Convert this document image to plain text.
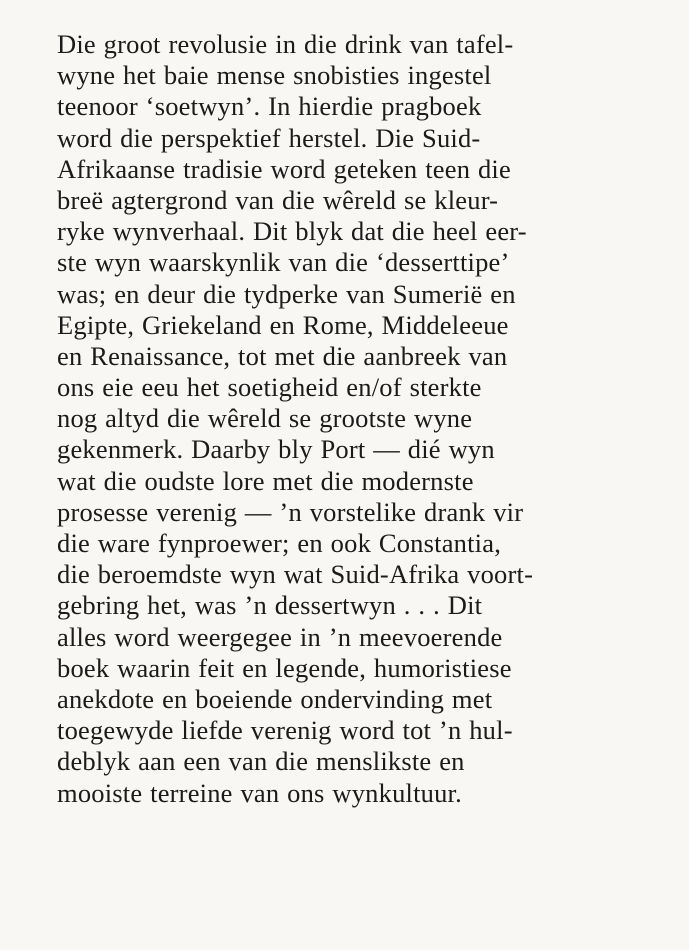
Die groot revolusie in die drink van tafel-
wyne het baie mense snobisties ingestel
teenoor ‘soetwyn’. In hierdie pragboek
word die perspektief herstel. Die Suid-
Afrikaanse tradisie word geteken teen die
breë agtergrond van die wêreld se kleur-
ryke wynverhaal. Dit blyk dat die heel eer-
ste wyn waarskynlik van die ‘desserttipe’
was; en deur die tydperke van Sumerië en
Egipte, Griekeland en Rome, Middeleeue
en Renaissance, tot met die aanbreek van
ons eie eeu het soetigheid en/of sterkte
nog altyd die wêreld se grootste wyne
gekenmerk. Daarby bly Port — dié wyn
wat die oudste lore met die modernste
prosesse verenig — ’n vorstelike drank vir
die ware fynproewer; en ook Constantia,
die beroemdste wyn wat Suid-Afrika voort-
gebring het, was ’n dessertwyn . . . Dit
alles word weergegee in ’n meevoerende
boek waarin feit en legende, humoristiese
anekdote en boeiende ondervinding met
toegewyde liefde verenig word tot ’n hul-
deblyk aan een van die menslikste en
mooiste terreine van ons wynkultuur.
